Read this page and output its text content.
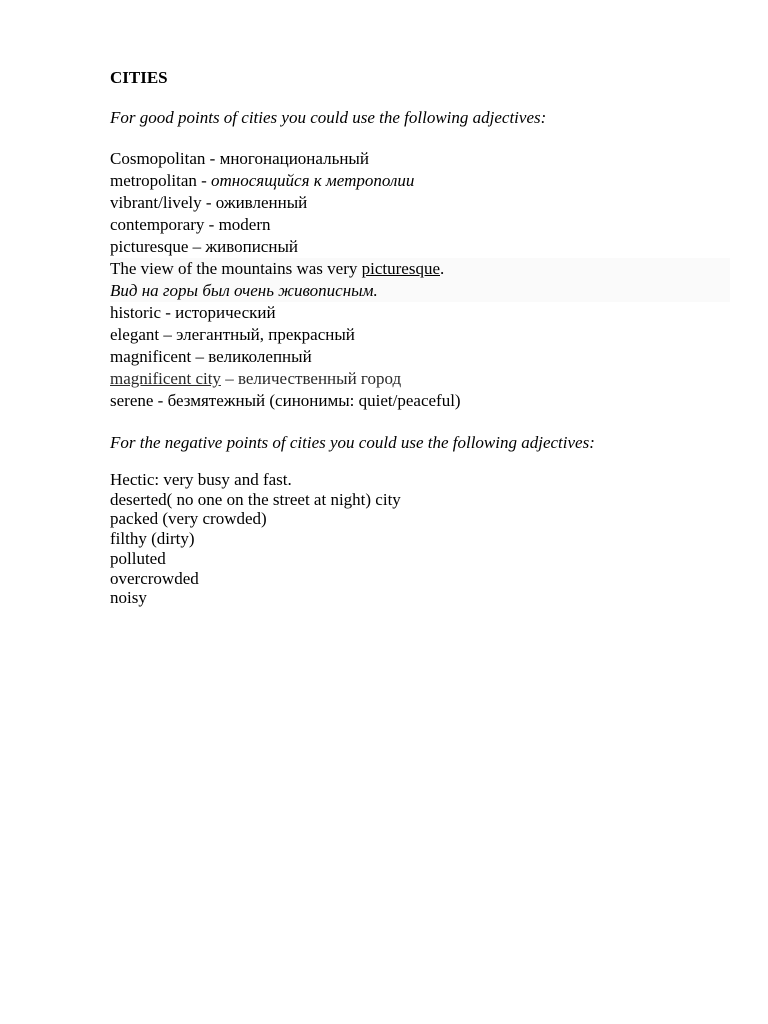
CITIES

For good points of cities you could use the following adjectives:

Cosmopolitan - многонациональный
metropolitan - относящийся к метрополии
vibrant/lively - оживленный
contemporary - modern
picturesque – живописный
The view of the mountains was very picturesque.
Вид на горы был очень живописным.
historic - исторический
elegant – элегантный, прекрасный
magnificent – великолепный
magnificent city – величественный город
serene - безмятежный (синонимы: quiet/peaceful)

For the negative points of cities you could use the following adjectives:

Hectic: very busy and fast.
deserted( no one on the street at night) city
packed (very crowded)
filthy (dirty)
polluted
overcrowded
noisy
